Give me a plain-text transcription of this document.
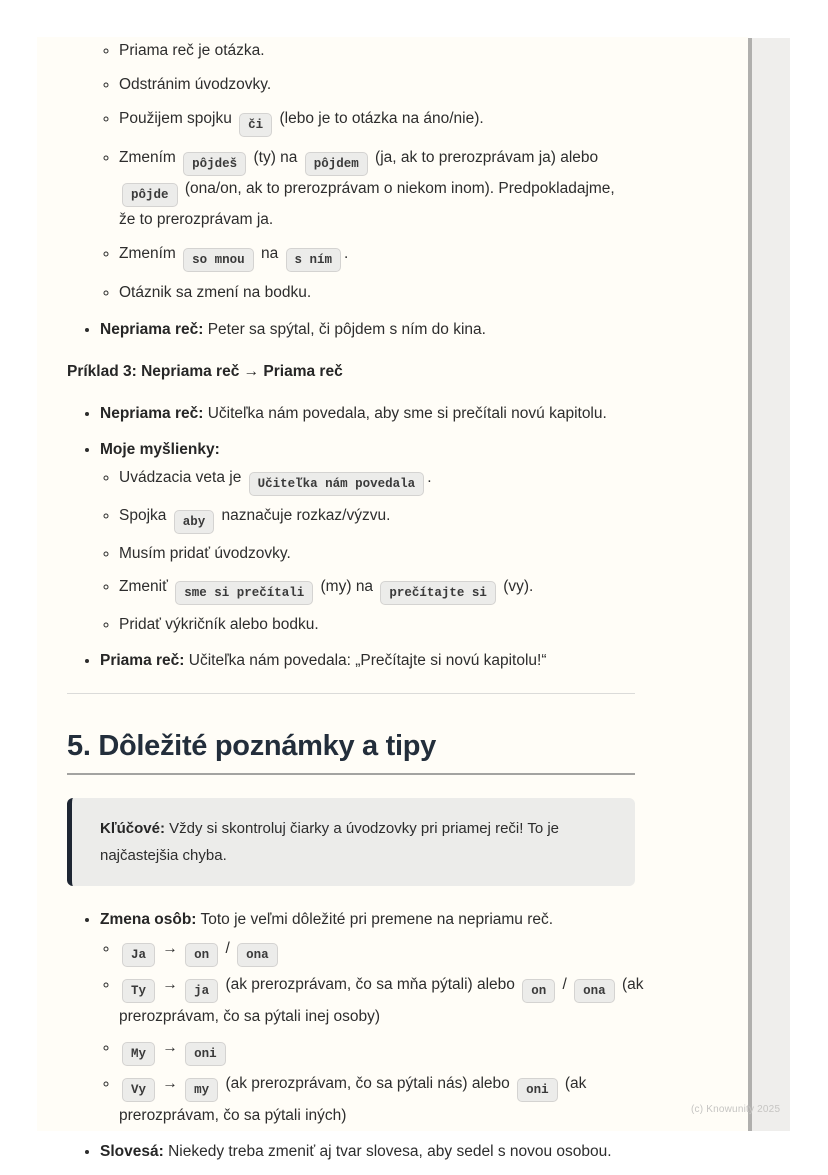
◦ Priama reč je otázka.
◦ Odstránim úvodzovky.
◦ Použijem spojku či (lebo je to otázka na áno/nie).
◦ Zmením pôjdeš (ty) na pôjdem (ja, ak to prerozprávam ja) alebo
pôjde (ona/on, ak to prerozprávam o niekom inom). Predpokladajme,
že to prerozprávam ja.
◦ Zmením so mnou na s ním .
◦ Otáznik sa zmení na bodku.
• Nepriama reč: Peter sa spýtal, či pôjdem s ním do kina.

Príklad 3: Nepriama reč → Priama reč

• Nepriama reč: Učiteľka nám povedala, aby sme si prečítali novú kapitolu.
• Moje myšlienky:
◦ Uvádzacia veta je Učiteľka nám povedala .
◦ Spojka aby naznačuje rozkaz/výzvu.
◦ Musím pridať úvodzovky.
◦ Zmeniť sme si prečítali (my) na prečítajte si (vy).
◦ Pridať výkričník alebo bodku.
• Priama reč: Učiteľka nám povedala: „Prečítajte si novú kapitolu!“
5. Dôležité poznámky a tipy
Kľúčové: Vždy si skontroluj čiarky a úvodzovky pri priamej reči! To je
najčastejšia chyba.
• Zmena osôb: Toto je veľmi dôležité pri premene na nepriamu reč.
◦ Ja → on / ona
◦ Ty → ja (ak prerozprávam, čo sa mňa pýtali) alebo on / ona (ak
prerozprávam, čo sa pýtali inej osoby)
◦ My → oni
◦ Vy → my (ak prerozprávam, čo sa pýtali nás) alebo oni (ak
prerozprávam, čo sa pýtali iných)
• Slovesá: Niekedy treba zmeniť aj tvar slovesa, aby sedel s novou osobou.
(c) Knowunity 2025
